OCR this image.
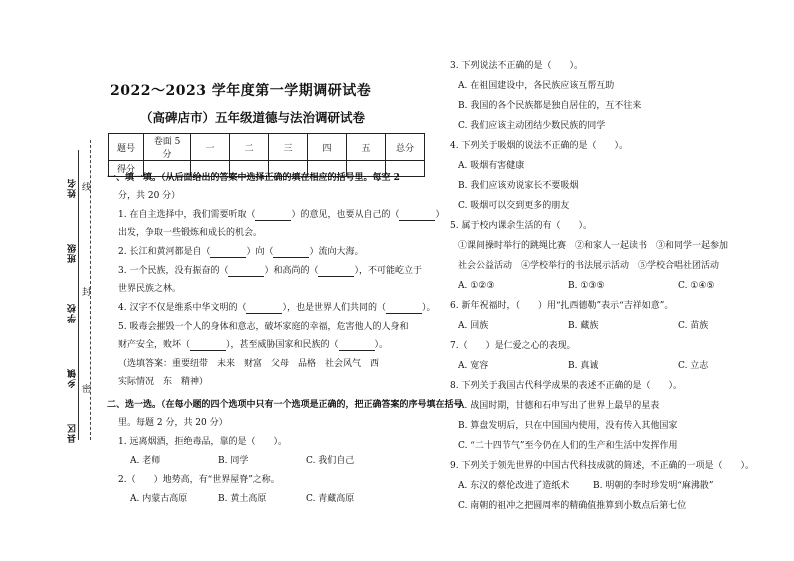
姓名
班级
学校
乡镇
县区
密
封
线
2022～2023 学年度第一学期调研试卷
（高碑店市）五年级道德与法治调研试卷
题号	卷面 5 分	一	二	三	四	五	总分
得分							
一、填一填。（从后面给出的答案中选择正确的填在相应的括号里。每空 2
分，共 20 分）
1. 在自主选择中，我们需要听取（	）的意见，也要从自己的（	）
出发，争取一些锻炼和成长的机会。
2. 长江和黄河都是自（	）向（	）流向大海。
3. 一个民族，没有振奋的（	）和高尚的（	），不可能屹立于
世界民族之林。
4. 汉字不仅是维系中华文明的（	），也是世界人们共同的（	）。
5. 吸毒会摧毁一个人的身体和意志，破坏家庭的幸福，危害他人的人身和
财产安全，败坏（	），甚至威胁国家和民族的（	）。
（选填答案：重要纽带　未来　财富　父母　品格　社会风气　西
实际情况　东　精神）
二、选一选。（在每小题的四个选项中只有一个选项是正确的，把正确答案的序号填在括号
里。每题 2 分，共 20 分）
1. 远离烟酒，拒绝毒品，靠的是（　　）。
A. 老师	B. 同学	C. 我们自己
2.（　　）地势高，有“世界屋脊”之称。
A. 内蒙古高原	B. 黄土高原	C. 青藏高原
3. 下列说法不正确的是（　　）。
A. 在祖国建设中，各民族应该互帮互助
B. 我国的各个民族都是独自居住的，互不往来
C. 我们应该主动团结少数民族的同学
4. 下列关于吸烟的说法不正确的是（　　）。
A. 吸烟有害健康
B. 我们应该劝说家长不要吸烟
C. 吸烟可以交到更多的朋友
5. 属于校内课余生活的有（　　）。
①课间操时举行的跳绳比赛　②和家人一起读书　③和同学一起参加
社会公益活动　④学校举行的书法展示活动　⑤学校合唱社团活动
A. ①②③	B. ①③⑤	C. ①④⑤
6. 新年祝福时，（　　）用“扎西德勒”表示“吉祥如意”。
A. 回族	B. 藏族	C. 苗族
7.（　　）是仁爱之心的表现。
A. 宽容	B. 真诚	C. 立志
8. 下列关于我国古代科学成果的表述不正确的是（　　）。
A. 战国时期，甘德和石申写出了世界上最早的星表
B. 算盘发明后，只在中国国内使用，没有传入其他国家
C. “二十四节气”至今仍在人们的生产和生活中发挥作用
9. 下列关于领先世界的中国古代科技成就的简述，不正确的一项是（　　）。
A. 东汉的蔡伦改进了造纸术	B. 明朝的李时珍发明“麻沸散”
C. 南朝的祖冲之把圆周率的精确值推算到小数点后第七位
